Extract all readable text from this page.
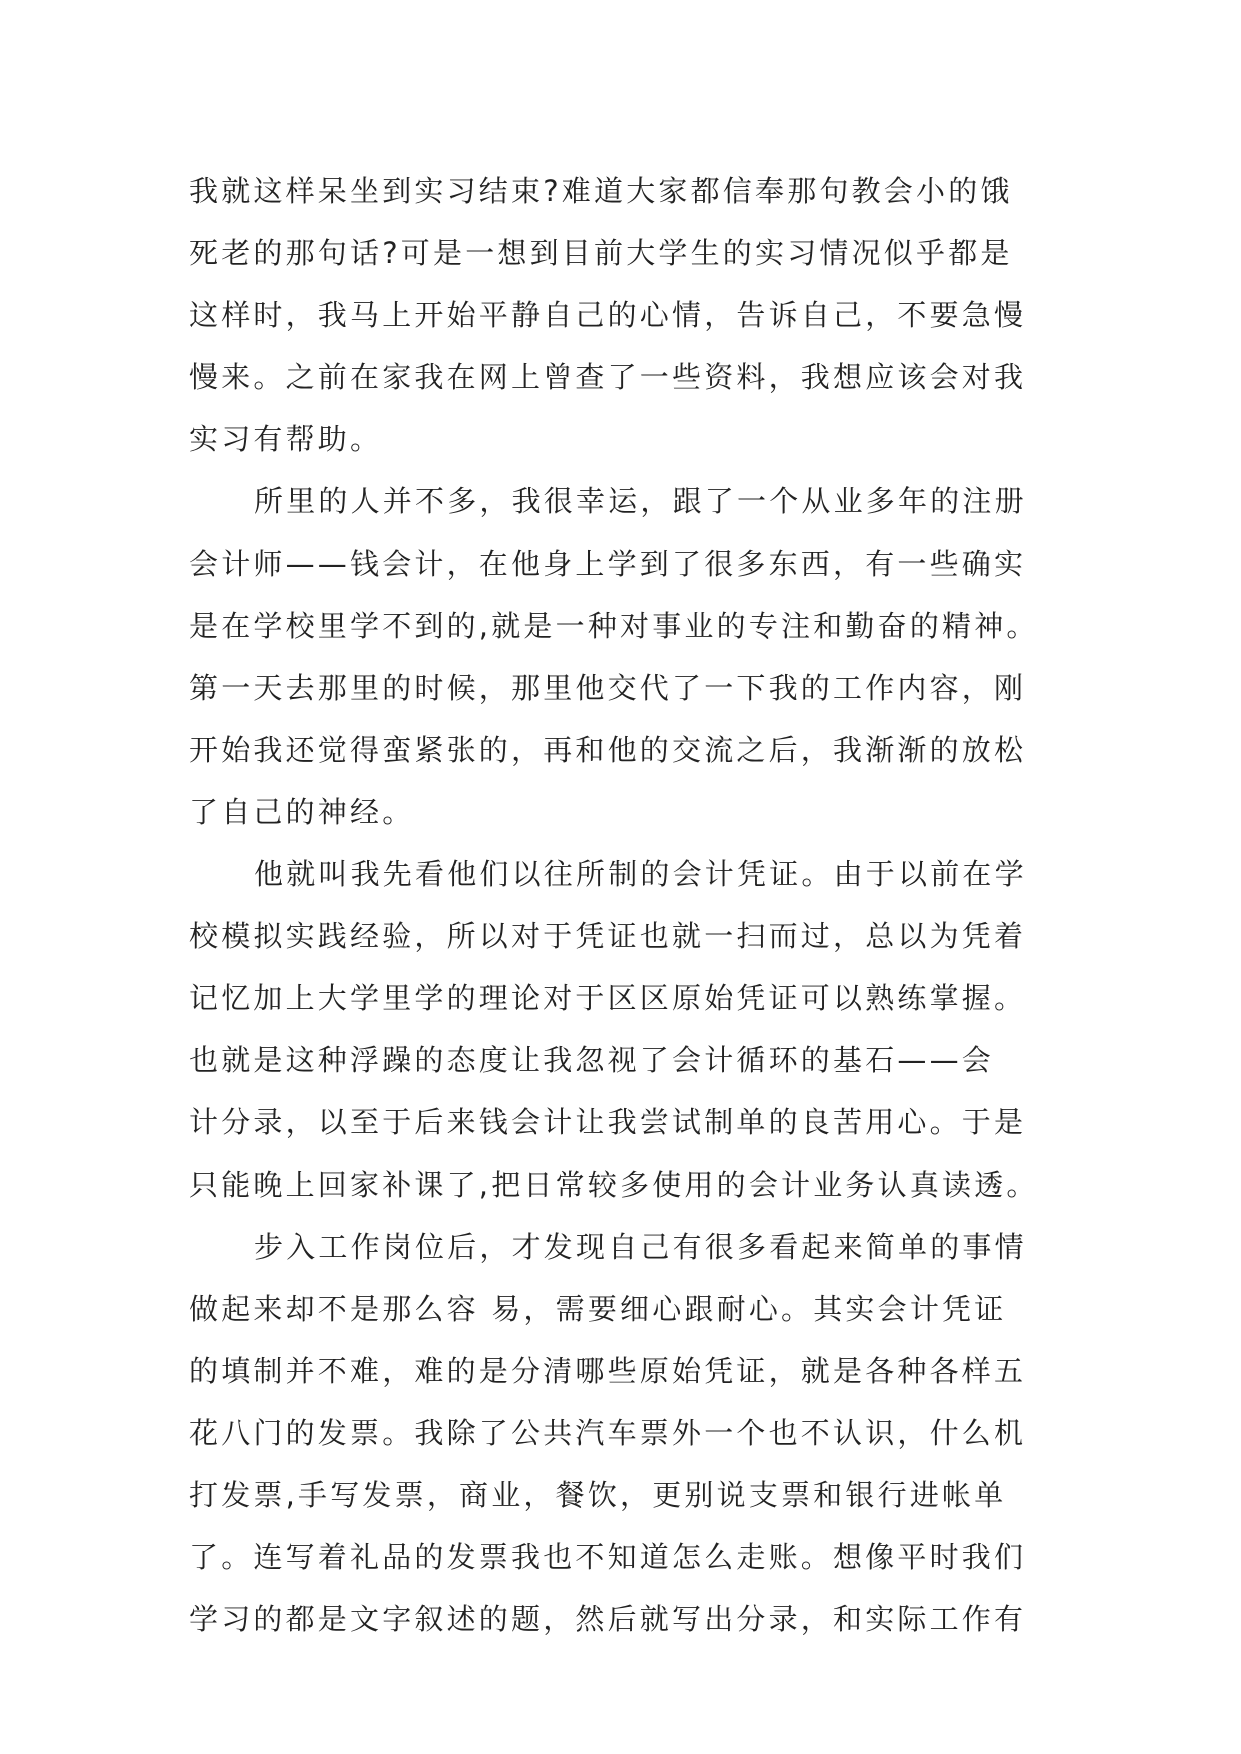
我就这样呆坐到实习结束?难道大家都信奉那句教会小的饿
死老的那句话?可是一想到目前大学生的实习情况似乎都是
这样时，我马上开始平静自己的心情，告诉自己，不要急慢
慢来。之前在家我在网上曾查了一些资料，我想应该会对我
实习有帮助。
所里的人并不多，我很幸运，跟了一个从业多年的注册
会计师——钱会计，在他身上学到了很多东西，有一些确实
是在学校里学不到的,就是一种对事业的专注和勤奋的精神。
第一天去那里的时候，那里他交代了一下我的工作内容，刚
开始我还觉得蛮紧张的，再和他的交流之后，我渐渐的放松
了自己的神经。
他就叫我先看他们以往所制的会计凭证。由于以前在学
校模拟实践经验，所以对于凭证也就一扫而过，总以为凭着
记忆加上大学里学的理论对于区区原始凭证可以熟练掌握。
也就是这种浮躁的态度让我忽视了会计循环的基石——会
计分录，以至于后来钱会计让我尝试制单的良苦用心。于是
只能晚上回家补课了,把日常较多使用的会计业务认真读透。
步入工作岗位后，才发现自己有很多看起来简单的事情
做起来却不是那么容 易，需要细心跟耐心。其实会计凭证
的填制并不难，难的是分清哪些原始凭证，就是各种各样五
花八门的发票。我除了公共汽车票外一个也不认识，什么机
打发票,手写发票，商业，餐饮，更别说支票和银行进帐单
了。连写着礼品的发票我也不知道怎么走账。想像平时我们
学习的都是文字叙述的题，然后就写出分录，和实际工作有
